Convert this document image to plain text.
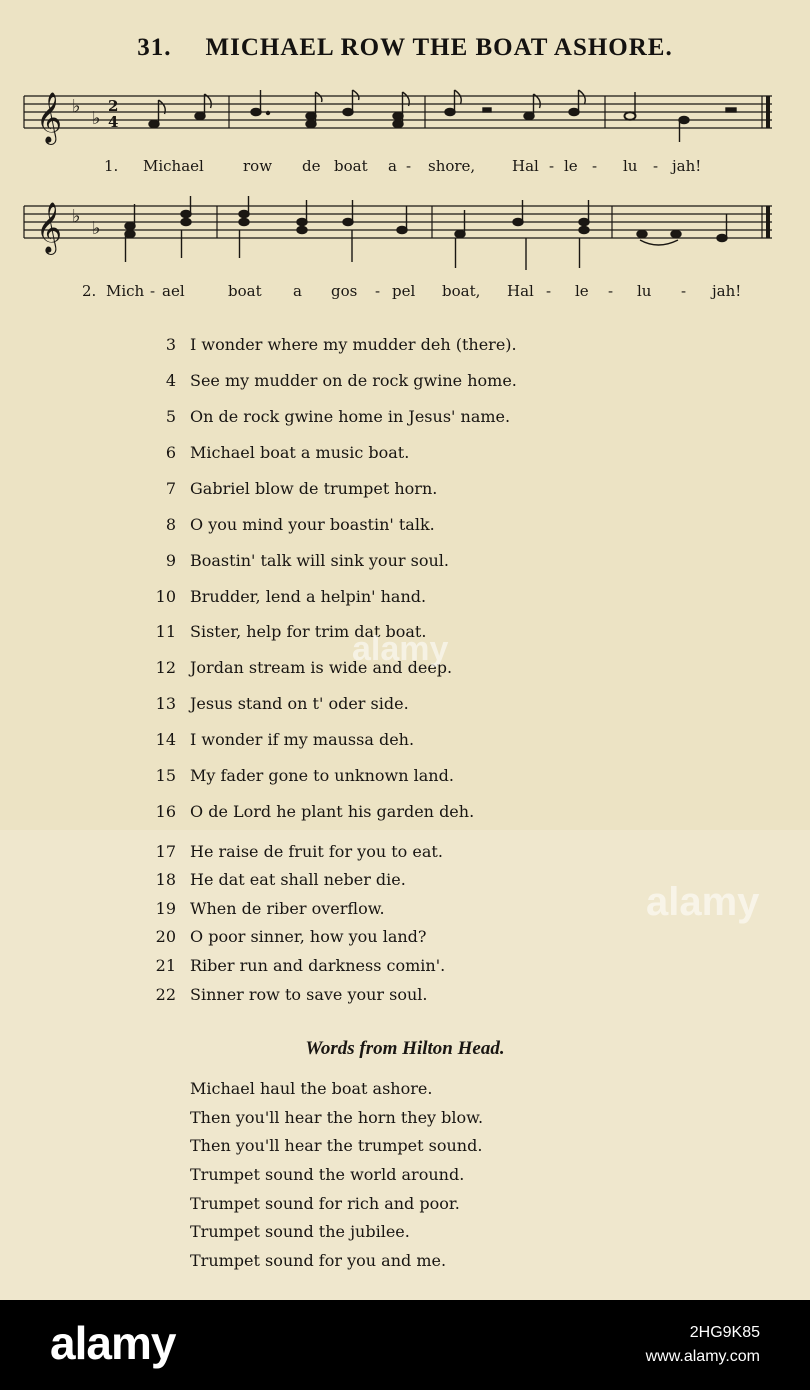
31. MICHAEL ROW THE BOAT ASHORE.
𝄞 ♭
♭
2
4
1. Michael	row de boat a - shore, Hal - le - lu - jah!
𝄞 ♭
♭
2. Mich - ael	boat a gos - pel boat, Hal - le - lu - jah!
3 I wonder where my mudder deh (there).
4 See my mudder on de rock gwine home.
5 On de rock gwine home in Jesus' name.
6 Michael boat a music boat.
7 Gabriel blow de trumpet horn.
8 O you mind your boastin' talk.
9 Boastin' talk will sink your soul.
10 Brudder, lend a helpin' hand.
11 Sister, help for trim dat boat.
12 Jordan stream is wide and deep.
13 Jesus stand on t' oder side.
14 I wonder if my maussa deh.
15 My fader gone to unknown land.
16 O de Lord he plant his garden deh.
17 He raise de fruit for you to eat.
18 He dat eat shall neber die.
19 When de riber overflow.
20 O poor sinner, how you land?
21 Riber run and darkness comin'.
22 Sinner row to save your soul.
Words from Hilton Head.
Michael haul the boat ashore.
Then you'll hear the horn they blow.
Then you'll hear the trumpet sound.
Trumpet sound the world around.
Trumpet sound for rich and poor.
Trumpet sound the jubilee.
Trumpet sound for you and me.
alamy
alamy
alamy	2HG9K85
www.alamy.com
